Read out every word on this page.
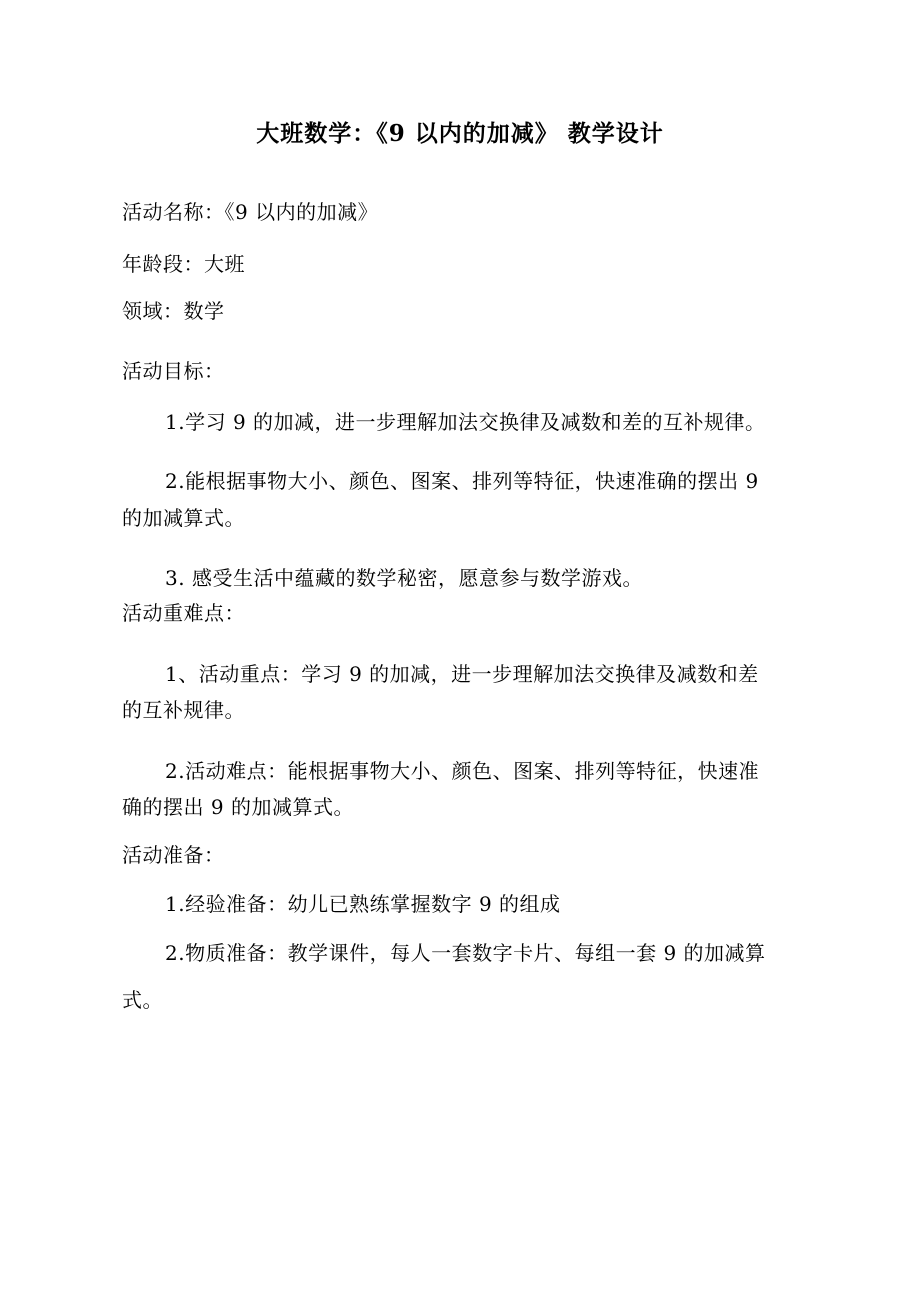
大班数学：《9 以内的加减》 教学设计
活动名称：《9 以内的加减》
年龄段：大班
领域：数学
活动目标：
1.学习 9 的加减，进一步理解加法交换律及减数和差的互补规律。
2.能根据事物大小、颜色、图案、排列等特征，快速准确的摆出 9
的加减算式。
3. 感受生活中蕴藏的数学秘密，愿意参与数学游戏。
活动重难点：
1、活动重点：学习 9 的加减，进一步理解加法交换律及减数和差
的互补规律。
2.活动难点：能根据事物大小、颜色、图案、排列等特征，快速准
确的摆出 9 的加减算式。
活动准备：
1.经验准备：幼儿已熟练掌握数字 9 的组成
2.物质准备：教学课件，每人一套数字卡片、每组一套 9 的加减算
式。
